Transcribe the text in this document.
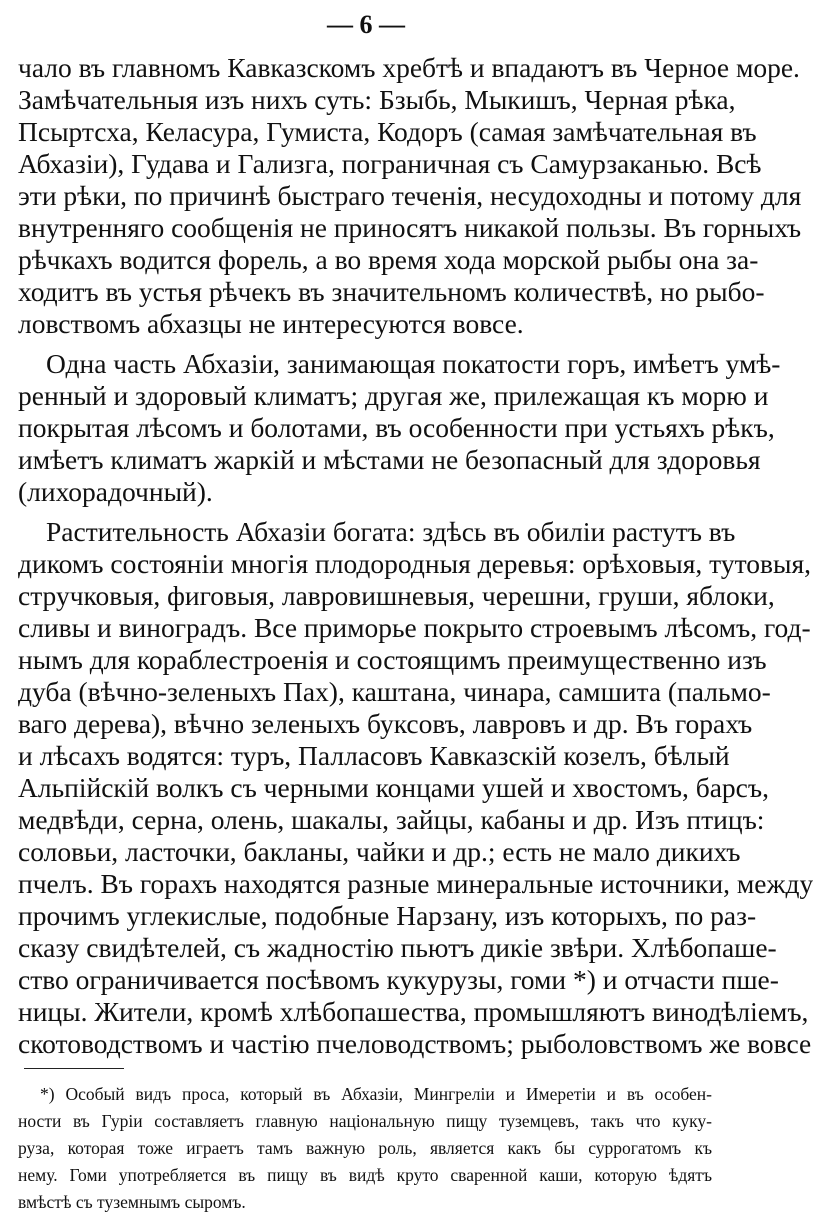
— 6 —
чало въ главномъ Кавказскомъ хребтѣ и впадаютъ въ Черное море.
Замѣчательныя изъ нихъ суть: Бзыбь, Мыкишъ, Черная рѣка,
Псыртсха, Келасура, Гумиста, Кодоръ (самая замѣчательная въ
Абхазіи), Гудава и Гализга, пограничная съ Самурзаканью. Всѣ
эти рѣки, по причинѣ быстраго теченія, несудоходны и потому для
внутренняго сообщенія не приносятъ никакой пользы. Въ горныхъ
рѣчкахъ водится форель, а во время хода морской рыбы она за-
ходитъ въ устья рѣчекъ въ значительномъ количествѣ, но рыбо-
ловствомъ абхазцы не интересуются вовсе.
Одна часть Абхазіи, занимающая покатости горъ, имѣетъ умѣ-
ренный и здоровый климатъ; другая же, прилежащая къ морю и
покрытая лѣсомъ и болотами, въ особенности при устьяхъ рѣкъ,
имѣетъ климатъ жаркій и мѣстами не безопасный для здоровья
(лихорадочный).
Растительность Абхазіи богата: здѣсь въ обиліи растутъ въ
дикомъ состояніи многія плодородныя деревья: орѣховыя, тутовыя,
стручковыя, фиговыя, лавровишневыя, черешни, груши, яблоки,
сливы и виноградъ. Все приморье покрыто строевымъ лѣсомъ, год-
нымъ для кораблестроенія и состоящимъ преимущественно изъ
дуба (вѣчно-зеленыхъ Пах), каштана, чинара, самшита (пальмо-
ваго дерева), вѣчно зеленыхъ буксовъ, лавровъ и др. Въ горахъ
и лѣсахъ водятся: туръ, Палласовъ Кавказскій козелъ, бѣлый
Альпійскій волкъ съ черными концами ушей и хвостомъ, барсъ,
медвѣди, серна, олень, шакалы, зайцы, кабаны и др. Изъ птицъ:
соловьи, ласточки, бакланы, чайки и др.; есть не мало дикихъ
пчелъ. Въ горахъ находятся разные минеральные источники, между
прочимъ углекислые, подобные Нарзану, изъ которыхъ, по раз-
сказу свидѣтелей, съ жадностію пьютъ дикіе звѣри. Хлѣбопаше-
ство ограничивается посѣвомъ кукурузы, гоми *) и отчасти пше-
ницы. Жители, кромѣ хлѣбопашества, промышляютъ винодѣліемъ,
скотоводствомъ и частію пчеловодствомъ; рыболовствомъ же вовсе
*) Особый видъ проса, который въ Абхазіи, Мингреліи и Имеретіи и въ особен-
ности въ Гуріи составляетъ главную національную пищу туземцевъ, такъ что куку-
руза, которая тоже играетъ тамъ важную роль, является какъ бы суррогатомъ къ
нему. Гоми употребляется въ пищу въ видѣ круто сваренной каши, которую ѣдятъ
вмѣстѣ съ туземнымъ сыромъ.
